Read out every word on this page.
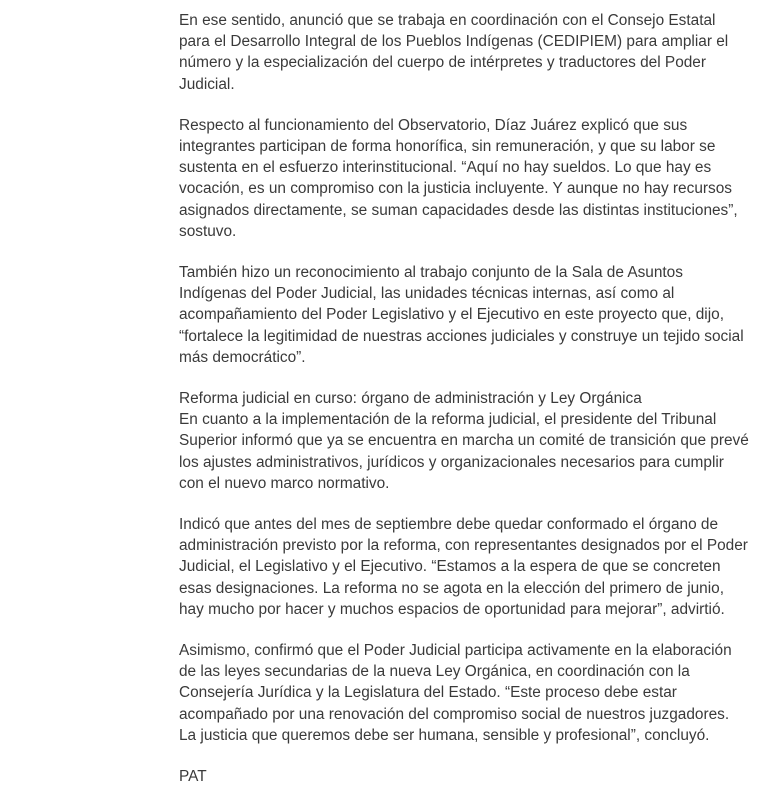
En ese sentido, anunció que se trabaja en coordinación con el Consejo Estatal para el Desarrollo Integral de los Pueblos Indígenas (CEDIPIEM) para ampliar el número y la especialización del cuerpo de intérpretes y traductores del Poder Judicial.

Respecto al funcionamiento del Observatorio, Díaz Juárez explicó que sus integrantes participan de forma honorífica, sin remuneración, y que su labor se sustenta en el esfuerzo interinstitucional. “Aquí no hay sueldos. Lo que hay es vocación, es un compromiso con la justicia incluyente. Y aunque no hay recursos asignados directamente, se suman capacidades desde las distintas instituciones”, sostuvo.

También hizo un reconocimiento al trabajo conjunto de la Sala de Asuntos Indígenas del Poder Judicial, las unidades técnicas internas, así como al acompañamiento del Poder Legislativo y el Ejecutivo en este proyecto que, dijo, “fortalece la legitimidad de nuestras acciones judiciales y construye un tejido social más democrático”.

Reforma judicial en curso: órgano de administración y Ley Orgánica
En cuanto a la implementación de la reforma judicial, el presidente del Tribunal Superior informó que ya se encuentra en marcha un comité de transición que prevé los ajustes administrativos, jurídicos y organizacionales necesarios para cumplir con el nuevo marco normativo.

Indicó que antes del mes de septiembre debe quedar conformado el órgano de administración previsto por la reforma, con representantes designados por el Poder Judicial, el Legislativo y el Ejecutivo. “Estamos a la espera de que se concreten esas designaciones. La reforma no se agota en la elección del primero de junio, hay mucho por hacer y muchos espacios de oportunidad para mejorar”, advirtió.

Asimismo, confirmó que el Poder Judicial participa activamente en la elaboración de las leyes secundarias de la nueva Ley Orgánica, en coordinación con la Consejería Jurídica y la Legislatura del Estado. “Este proceso debe estar acompañado por una renovación del compromiso social de nuestros juzgadores. La justicia que queremos debe ser humana, sensible y profesional”, concluyó.

PAT
